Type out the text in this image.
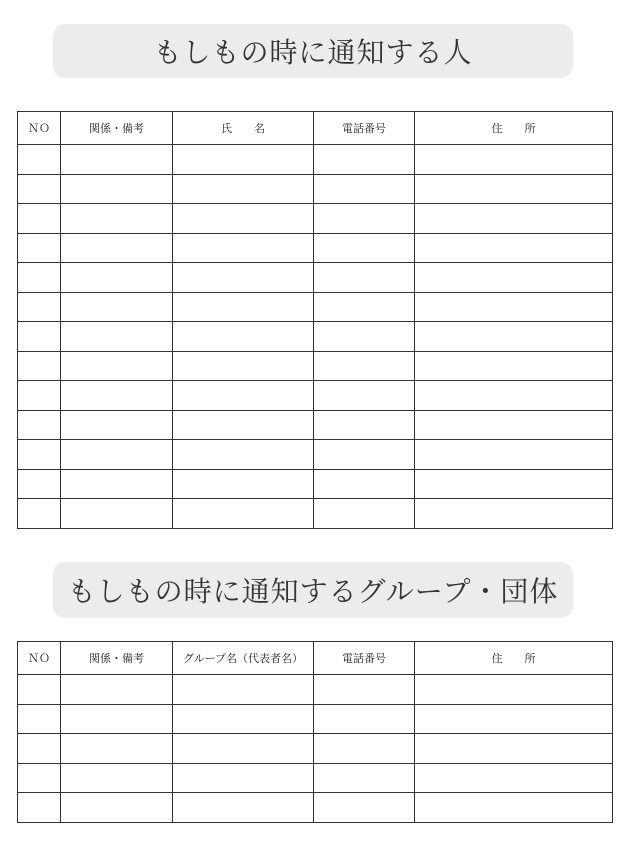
もしもの時に通知する人
ＮＯ	関係・備考	氏　　名	電話番号	住　　所

もしもの時に通知するグループ・団体
ＮＯ	関係・備考	グループ名（代表者名）	電話番号	住　　所
